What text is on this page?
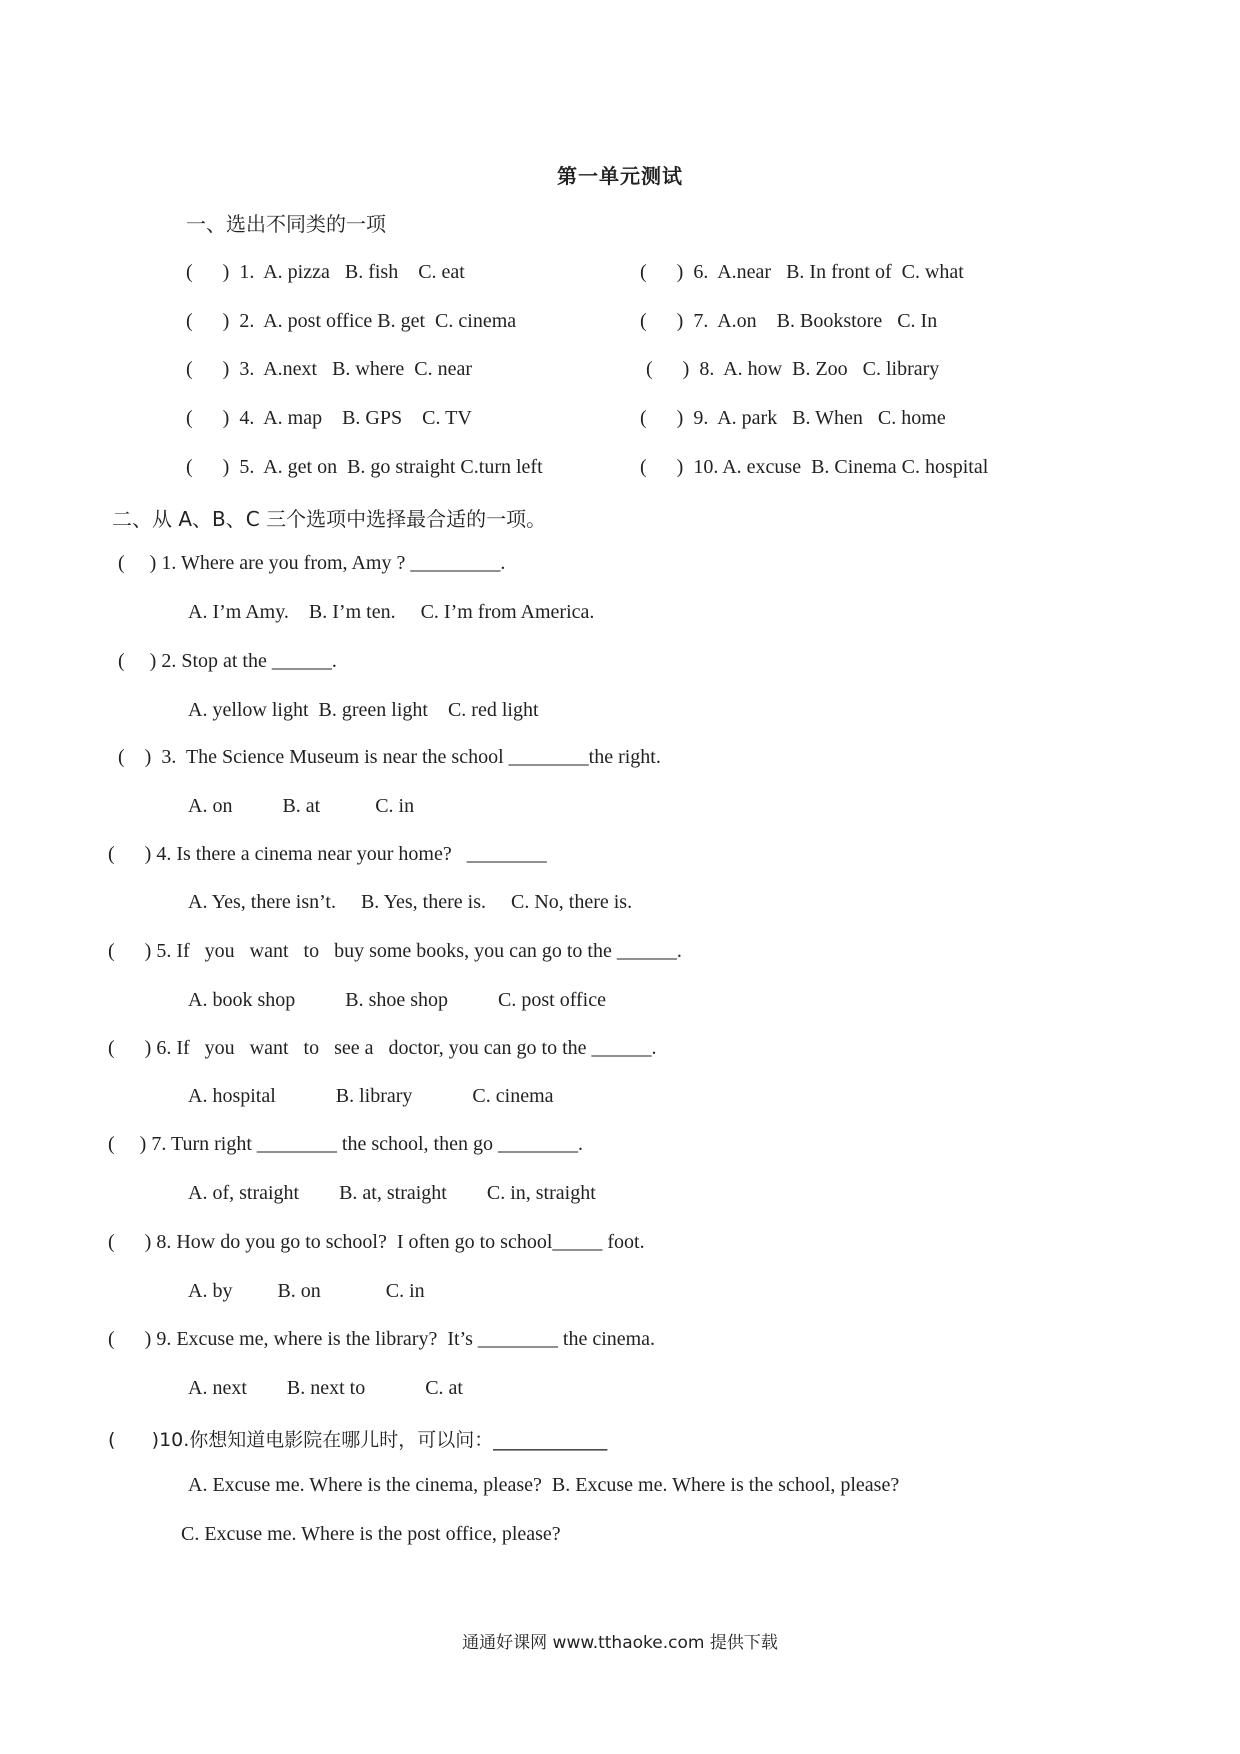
第一单元测试
一、选出不同类的一项
(      )  1.  A. pizza   B. fish    C. eat
(      )  2.  A. post office B. get  C. cinema
(      )  3.  A.next   B. where  C. near
(      )  4.  A. map    B. GPS    C. TV
(      )  5.  A. get on  B. go straight C.turn left
(      )  6.  A.near   B. In front of  C. what
(      )  7.  A.on    B. Bookstore   C. In
(      )  8.  A. how  B. Zoo   C. library
(      )  9.  A. park   B. When   C. home
(      )  10. A. excuse  B. Cinema C. hospital
二、从 A、B、C 三个选项中选择最合适的一项。
(     ) 1. Where are you from, Amy ? _________.
A. I’m Amy.    B. I’m ten.     C. I’m from America.
(     ) 2. Stop at the ______.
A. yellow light  B. green light    C. red light
(    )  3.  The Science Museum is near the school ________the right.
A. on          B. at           C. in
(      ) 4. Is there a cinema near your home?   ________
A. Yes, there isn’t.     B. Yes, there is.     C. No, there is.
(      ) 5. If   you   want   to   buy some books, you can go to the ______.
A. book shop          B. shoe shop          C. post office
(      ) 6. If   you   want   to   see a   doctor, you can go to the ______.
A. hospital            B. library            C. cinema
(     ) 7. Turn right ________ the school, then go ________.
A. of, straight        B. at, straight        C. in, straight
(      ) 8. How do you go to school?  I often go to school_____ foot.
A. by         B. on             C. in
(      ) 9. Excuse me, where is the library?  It’s ________ the cinema.
A. next        B. next to            C. at
(      )10.你想知道电影院在哪儿时，可以问：____________
A. Excuse me. Where is the cinema, please?  B. Excuse me. Where is the school, please?
C. Excuse me. Where is the post office, please?
通通好课网 www.tthaoke.com 提供下载
